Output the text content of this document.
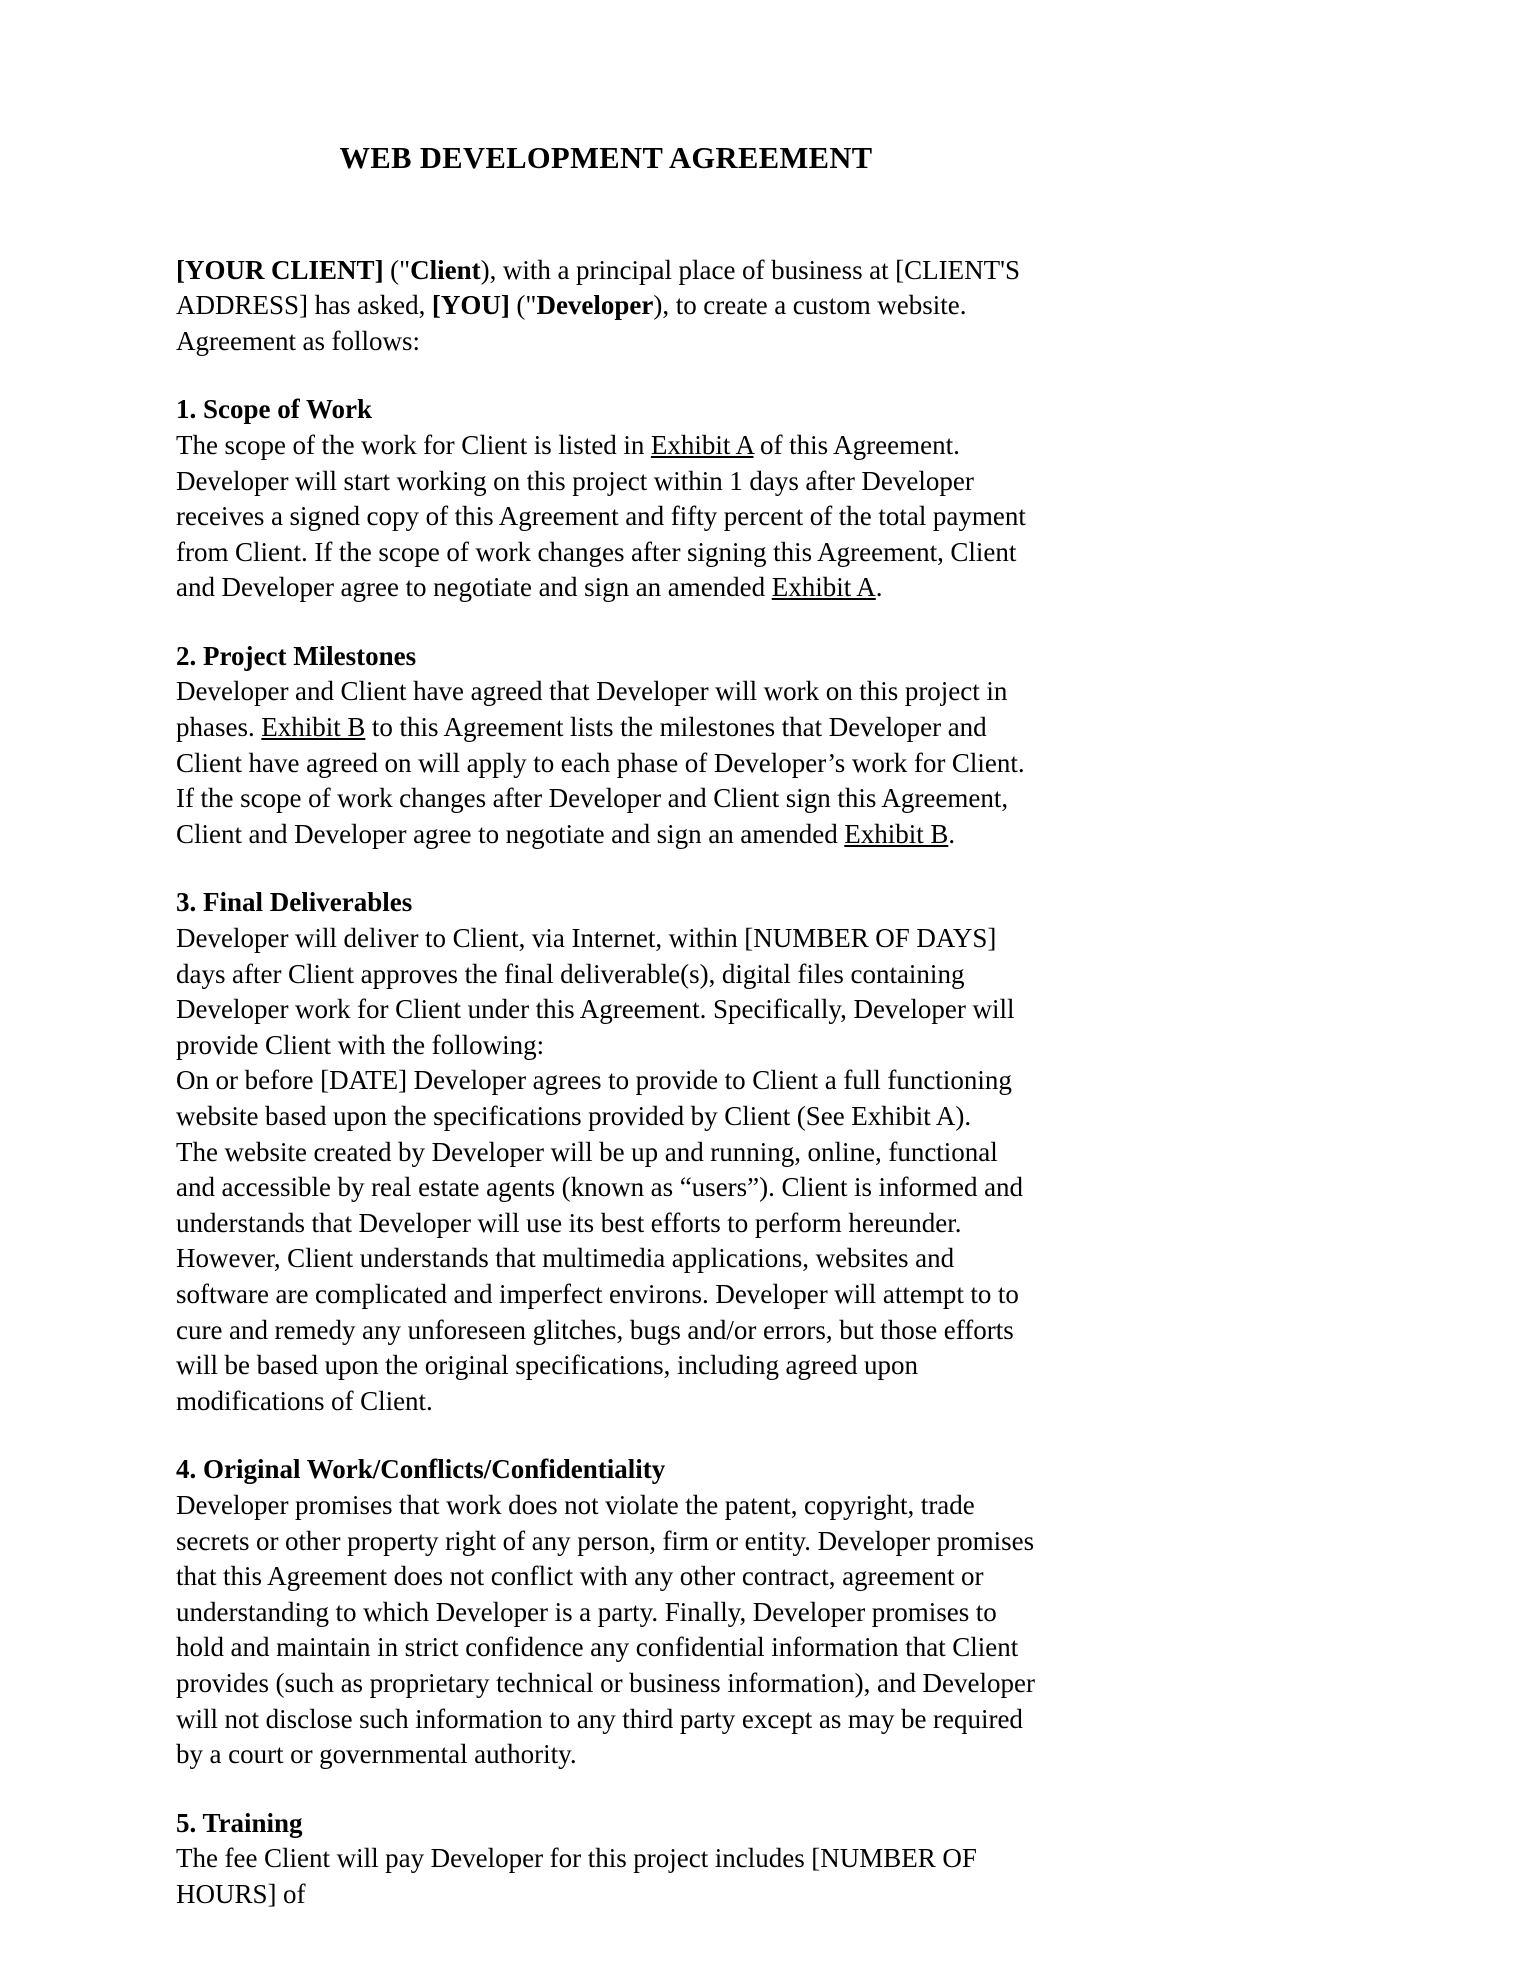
WEB DEVELOPMENT AGREEMENT

[YOUR CLIENT] ("Client), with a principal place of business at [CLIENT'S ADDRESS] has asked, [YOU] ("Developer), to create a custom website. Agreement as follows:

1. Scope of Work

The scope of the work for Client is listed in Exhibit A of this Agreement. Developer will start working on this project within 1 days after Developer receives a signed copy of this Agreement and fifty percent of the total payment from Client. If the scope of work changes after signing this Agreement, Client and Developer agree to negotiate and sign an amended Exhibit A.

2. Project Milestones

Developer and Client have agreed that Developer will work on this project in phases. Exhibit B to this Agreement lists the milestones that Developer and Client have agreed on will apply to each phase of Developer’s work for Client. If the scope of work changes after Developer and Client sign this Agreement, Client and Developer agree to negotiate and sign an amended Exhibit B.

3. Final Deliverables

Developer will deliver to Client, via Internet, within [NUMBER OF DAYS] days after Client approves the final deliverable(s), digital files containing Developer work for Client under this Agreement. Specifically, Developer will provide Client with the following:

On or before [DATE] Developer agrees to provide to Client a full functioning website based upon the specifications provided by Client (See Exhibit A).

The website created by Developer will be up and running, online, functional and accessible by real estate agents (known as “users”). Client is informed and understands that Developer will use its best efforts to perform hereunder.

However, Client understands that multimedia applications, websites and software are complicated and imperfect environs. Developer will attempt to to cure and remedy any unforeseen glitches, bugs and/or errors, but those efforts will be based upon the original specifications, including agreed upon modifications of Client.

4. Original Work/Conflicts/Confidentiality

Developer promises that work does not violate the patent, copyright, trade secrets or other property right of any person, firm or entity. Developer promises that this Agreement does not conflict with any other contract, agreement or understanding to which Developer is a party. Finally, Developer promises to hold and maintain in strict confidence any confidential information that Client provides (such as proprietary technical or business information), and Developer will not disclose such information to any third party except as may be required by a court or governmental authority.

5. Training

The fee Client will pay Developer for this project includes [NUMBER OF HOURS] of
